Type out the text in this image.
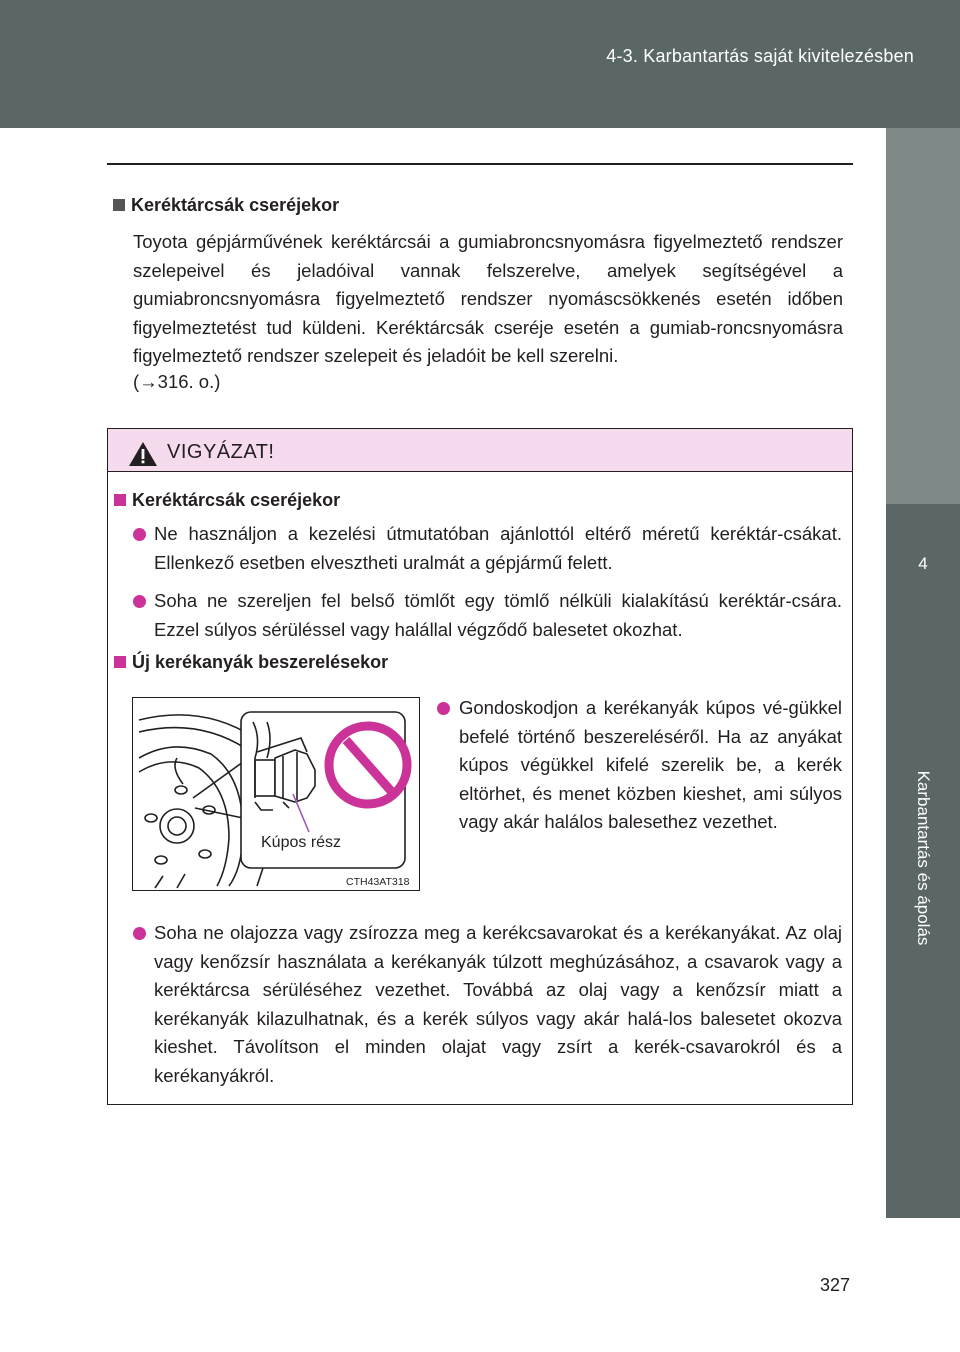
4-3. Karbantartás saját kivitelezésben
4
Karbantartás és ápolás
Keréktárcsák cseréjekor

Toyota gépjárművének keréktárcsái a gumiabroncsnyomásra figyelmeztető rendszer szelepeivel és jeladóival vannak felszerelve, amelyek segítségével a gumiabroncsnyomásra figyelmeztető rendszer nyomáscsökkenés esetén időben figyelmeztetést tud küldeni. Keréktárcsák cseréje esetén a gumiab-roncsnyomásra figyelmeztető rendszer szelepeit és jeladóit be kell szerelni.

(→316. o.)
VIGYÁZAT!
Keréktárcsák cseréjekor

Ne használjon a kezelési útmutatóban ajánlottól eltérő méretű keréktár-csákat. Ellenkező esetben elvesztheti uralmát a gépjármű felett.

Soha ne szereljen fel belső tömlőt egy tömlő nélküli kialakítású keréktár-csára. Ezzel súlyos sérüléssel vagy halállal végződő balesetet okozhat.

Új kerékanyák beszerelésekor
Kúpos rész
CTH43AT318

Gondoskodjon a kerékanyák kúpos vé-gükkel befelé történő beszereléséről. Ha az anyákat kúpos végükkel kifelé szerelik be, a kerék eltörhet, és menet közben kieshet, ami súlyos vagy akár halálos balesethez vezethet.

Soha ne olajozza vagy zsírozza meg a kerékcsavarokat és a kerékanyákat. Az olaj vagy kenőzsír használata a kerékanyák túlzott meghúzásához, a csavarok vagy a keréktárcsa sérüléséhez vezethet. Továbbá az olaj vagy a kenőzsír miatt a kerékanyák kilazulhatnak, és a kerék súlyos vagy akár halá-los balesetet okozva kieshet. Távolítson el minden olajat vagy zsírt a kerék-csavarokról és a kerékanyákról.

327
